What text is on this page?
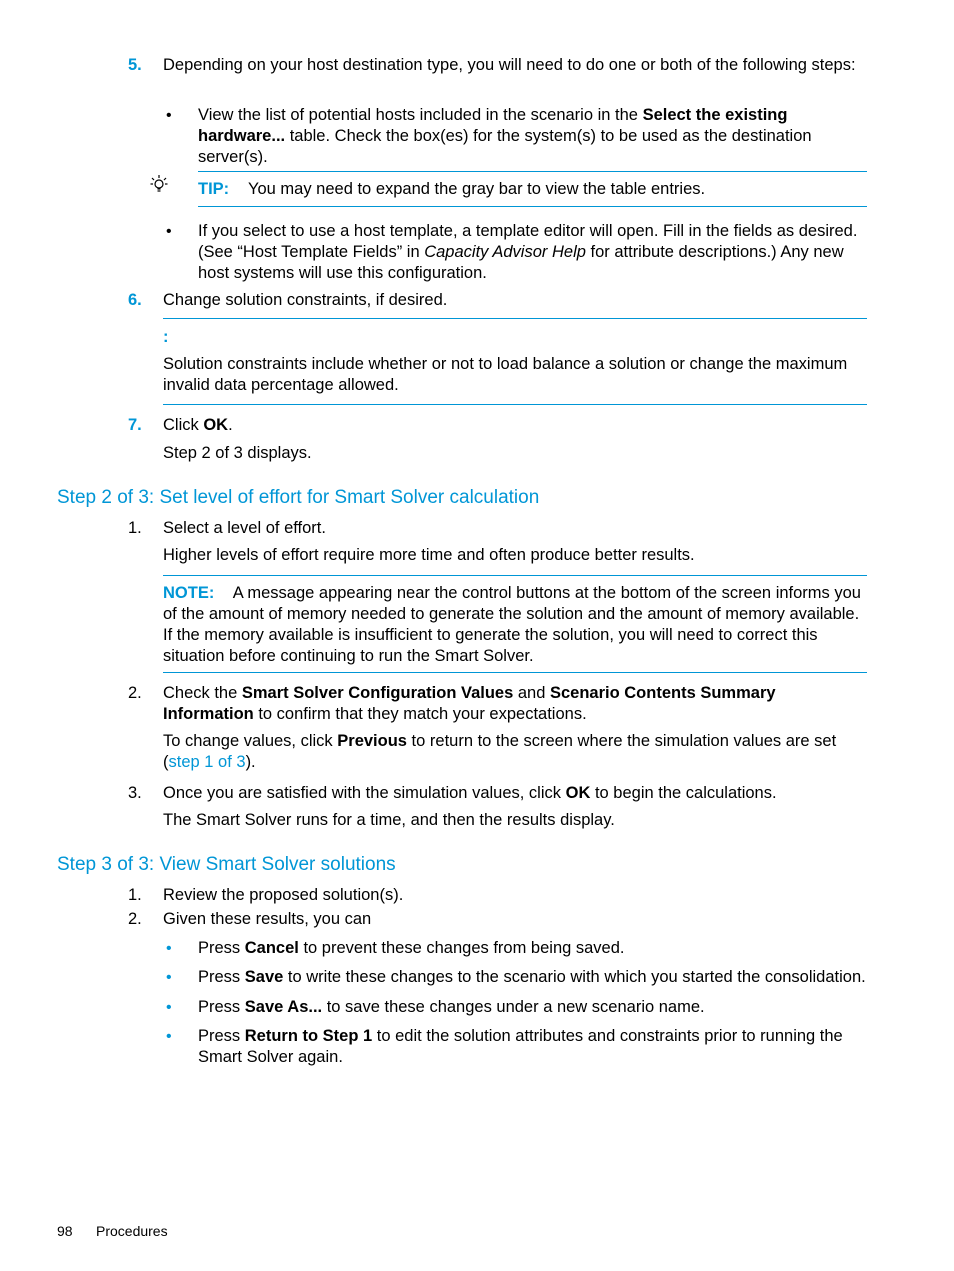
5. Depending on your host destination type, you will need to do one or both of the following steps:
• View the list of potential hosts included in the scenario in the Select the existing hardware... table. Check the box(es) for the system(s) to be used as the destination server(s).
TIP: You may need to expand the gray bar to view the table entries.
• If you select to use a host template, a template editor will open. Fill in the fields as desired. (See “Host Template Fields” in Capacity Advisor Help for attribute descriptions.) Any new host systems will use this configuration.
6. Change solution constraints, if desired.
:
Solution constraints include whether or not to load balance a solution or change the maximum invalid data percentage allowed.
7. Click OK.
Step 2 of 3 displays.
Step 2 of 3: Set level of effort for Smart Solver calculation
1. Select a level of effort.
Higher levels of effort require more time and often produce better results.
NOTE: A message appearing near the control buttons at the bottom of the screen informs you of the amount of memory needed to generate the solution and the amount of memory available. If the memory available is insufficient to generate the solution, you will need to correct this situation before continuing to run the Smart Solver.
2. Check the Smart Solver Configuration Values and Scenario Contents Summary Information to confirm that they match your expectations.
To change values, click Previous to return to the screen where the simulation values are set (step 1 of 3).
3. Once you are satisfied with the simulation values, click OK to begin the calculations.
The Smart Solver runs for a time, and then the results display.
Step 3 of 3: View Smart Solver solutions
1. Review the proposed solution(s).
2. Given these results, you can
• Press Cancel to prevent these changes from being saved.
• Press Save to write these changes to the scenario with which you started the consolidation.
• Press Save As... to save these changes under a new scenario name.
• Press Return to Step 1 to edit the solution attributes and constraints prior to running the Smart Solver again.
98 Procedures
